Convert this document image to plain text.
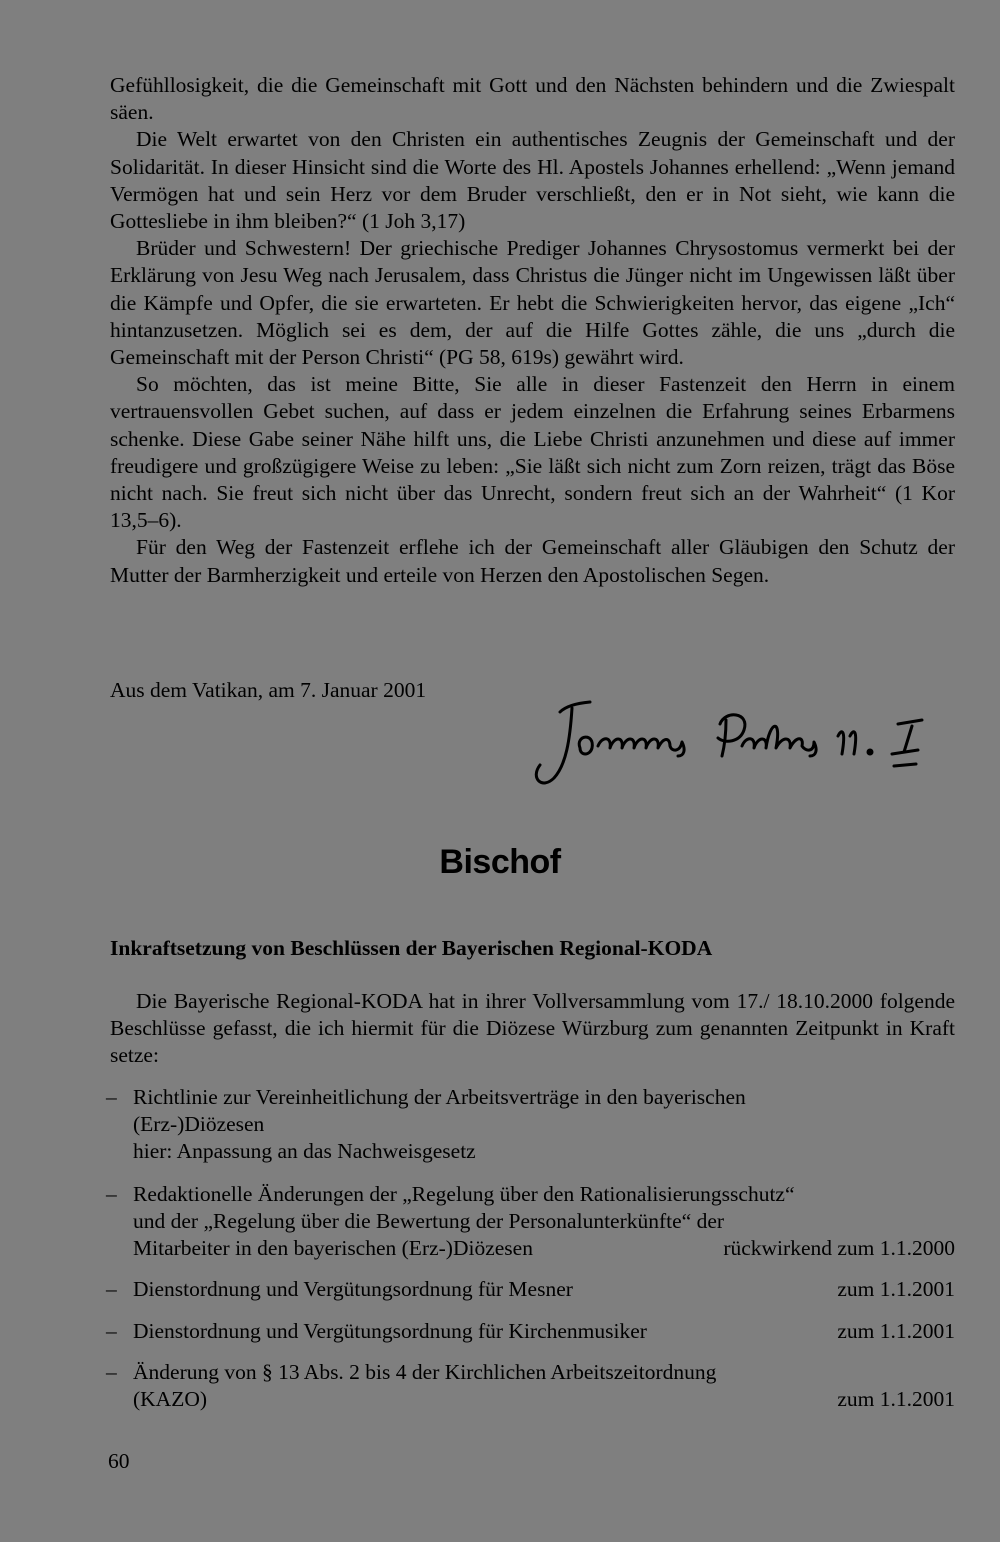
Gefühllosigkeit, die die Gemeinschaft mit Gott und den Nächsten behindern und die Zwiespalt säen.

Die Welt erwartet von den Christen ein authentisches Zeugnis der Gemeinschaft und der Solidarität. In dieser Hinsicht sind die Worte des Hl. Apostels Johannes erhellend: „Wenn jemand Vermögen hat und sein Herz vor dem Bruder verschließt, den er in Not sieht, wie kann die Gottesliebe in ihm bleiben?“ (1 Joh 3,17)

Brüder und Schwestern! Der griechische Prediger Johannes Chrysostomus vermerkt bei der Erklärung von Jesu Weg nach Jerusalem, dass Christus die Jünger nicht im Ungewissen läßt über die Kämpfe und Opfer, die sie erwarteten. Er hebt die Schwierigkeiten hervor, das eigene „Ich“ hintanzusetzen. Möglich sei es dem, der auf die Hilfe Gottes zähle, die uns „durch die Gemeinschaft mit der Person Christi“ (PG 58, 619s) gewährt wird.

So möchten, das ist meine Bitte, Sie alle in dieser Fastenzeit den Herrn in einem vertrauensvollen Gebet suchen, auf dass er jedem einzelnen die Erfahrung seines Erbarmens schenke. Diese Gabe seiner Nähe hilft uns, die Liebe Christi anzunehmen und diese auf immer freudigere und großzügigere Weise zu leben: „Sie läßt sich nicht zum Zorn reizen, trägt das Böse nicht nach. Sie freut sich nicht über das Unrecht, sondern freut sich an der Wahrheit“ (1 Kor 13,5–6).

Für den Weg der Fastenzeit erflehe ich der Gemeinschaft aller Gläubigen den Schutz der Mutter der Barmherzigkeit und erteile von Herzen den Apostolischen Segen.

Aus dem Vatikan, am 7. Januar 2001
Bischof
Inkraftsetzung von Beschlüssen der Bayerischen Regional-KODA

Die Bayerische Regional-KODA hat in ihrer Vollversammlung vom 17./ 18.10.2000 folgende Beschlüsse gefasst, die ich hiermit für die Diözese Würzburg zum genannten Zeitpunkt in Kraft setze:

– Richtlinie zur Vereinheitlichung der Arbeitsverträge in den bayerischen
(Erz-)Diözesen
hier: Anpassung an das Nachweisgesetz
– Redaktionelle Änderungen der „Regelung über den Rationalisierungsschutz“
und der „Regelung über die Bewertung der Personalunterkünfte“ der
Mitarbeiter in den bayerischen (Erz-)Diözesen	rückwirkend zum 1.1.2000
– Dienstordnung und Vergütungsordnung für Mesner	zum 1.1.2001
– Dienstordnung und Vergütungsordnung für Kirchenmusiker	zum 1.1.2001
– Änderung von § 13 Abs. 2 bis 4 der Kirchlichen Arbeitszeitordnung
(KAZO)	zum 1.1.2001
60
